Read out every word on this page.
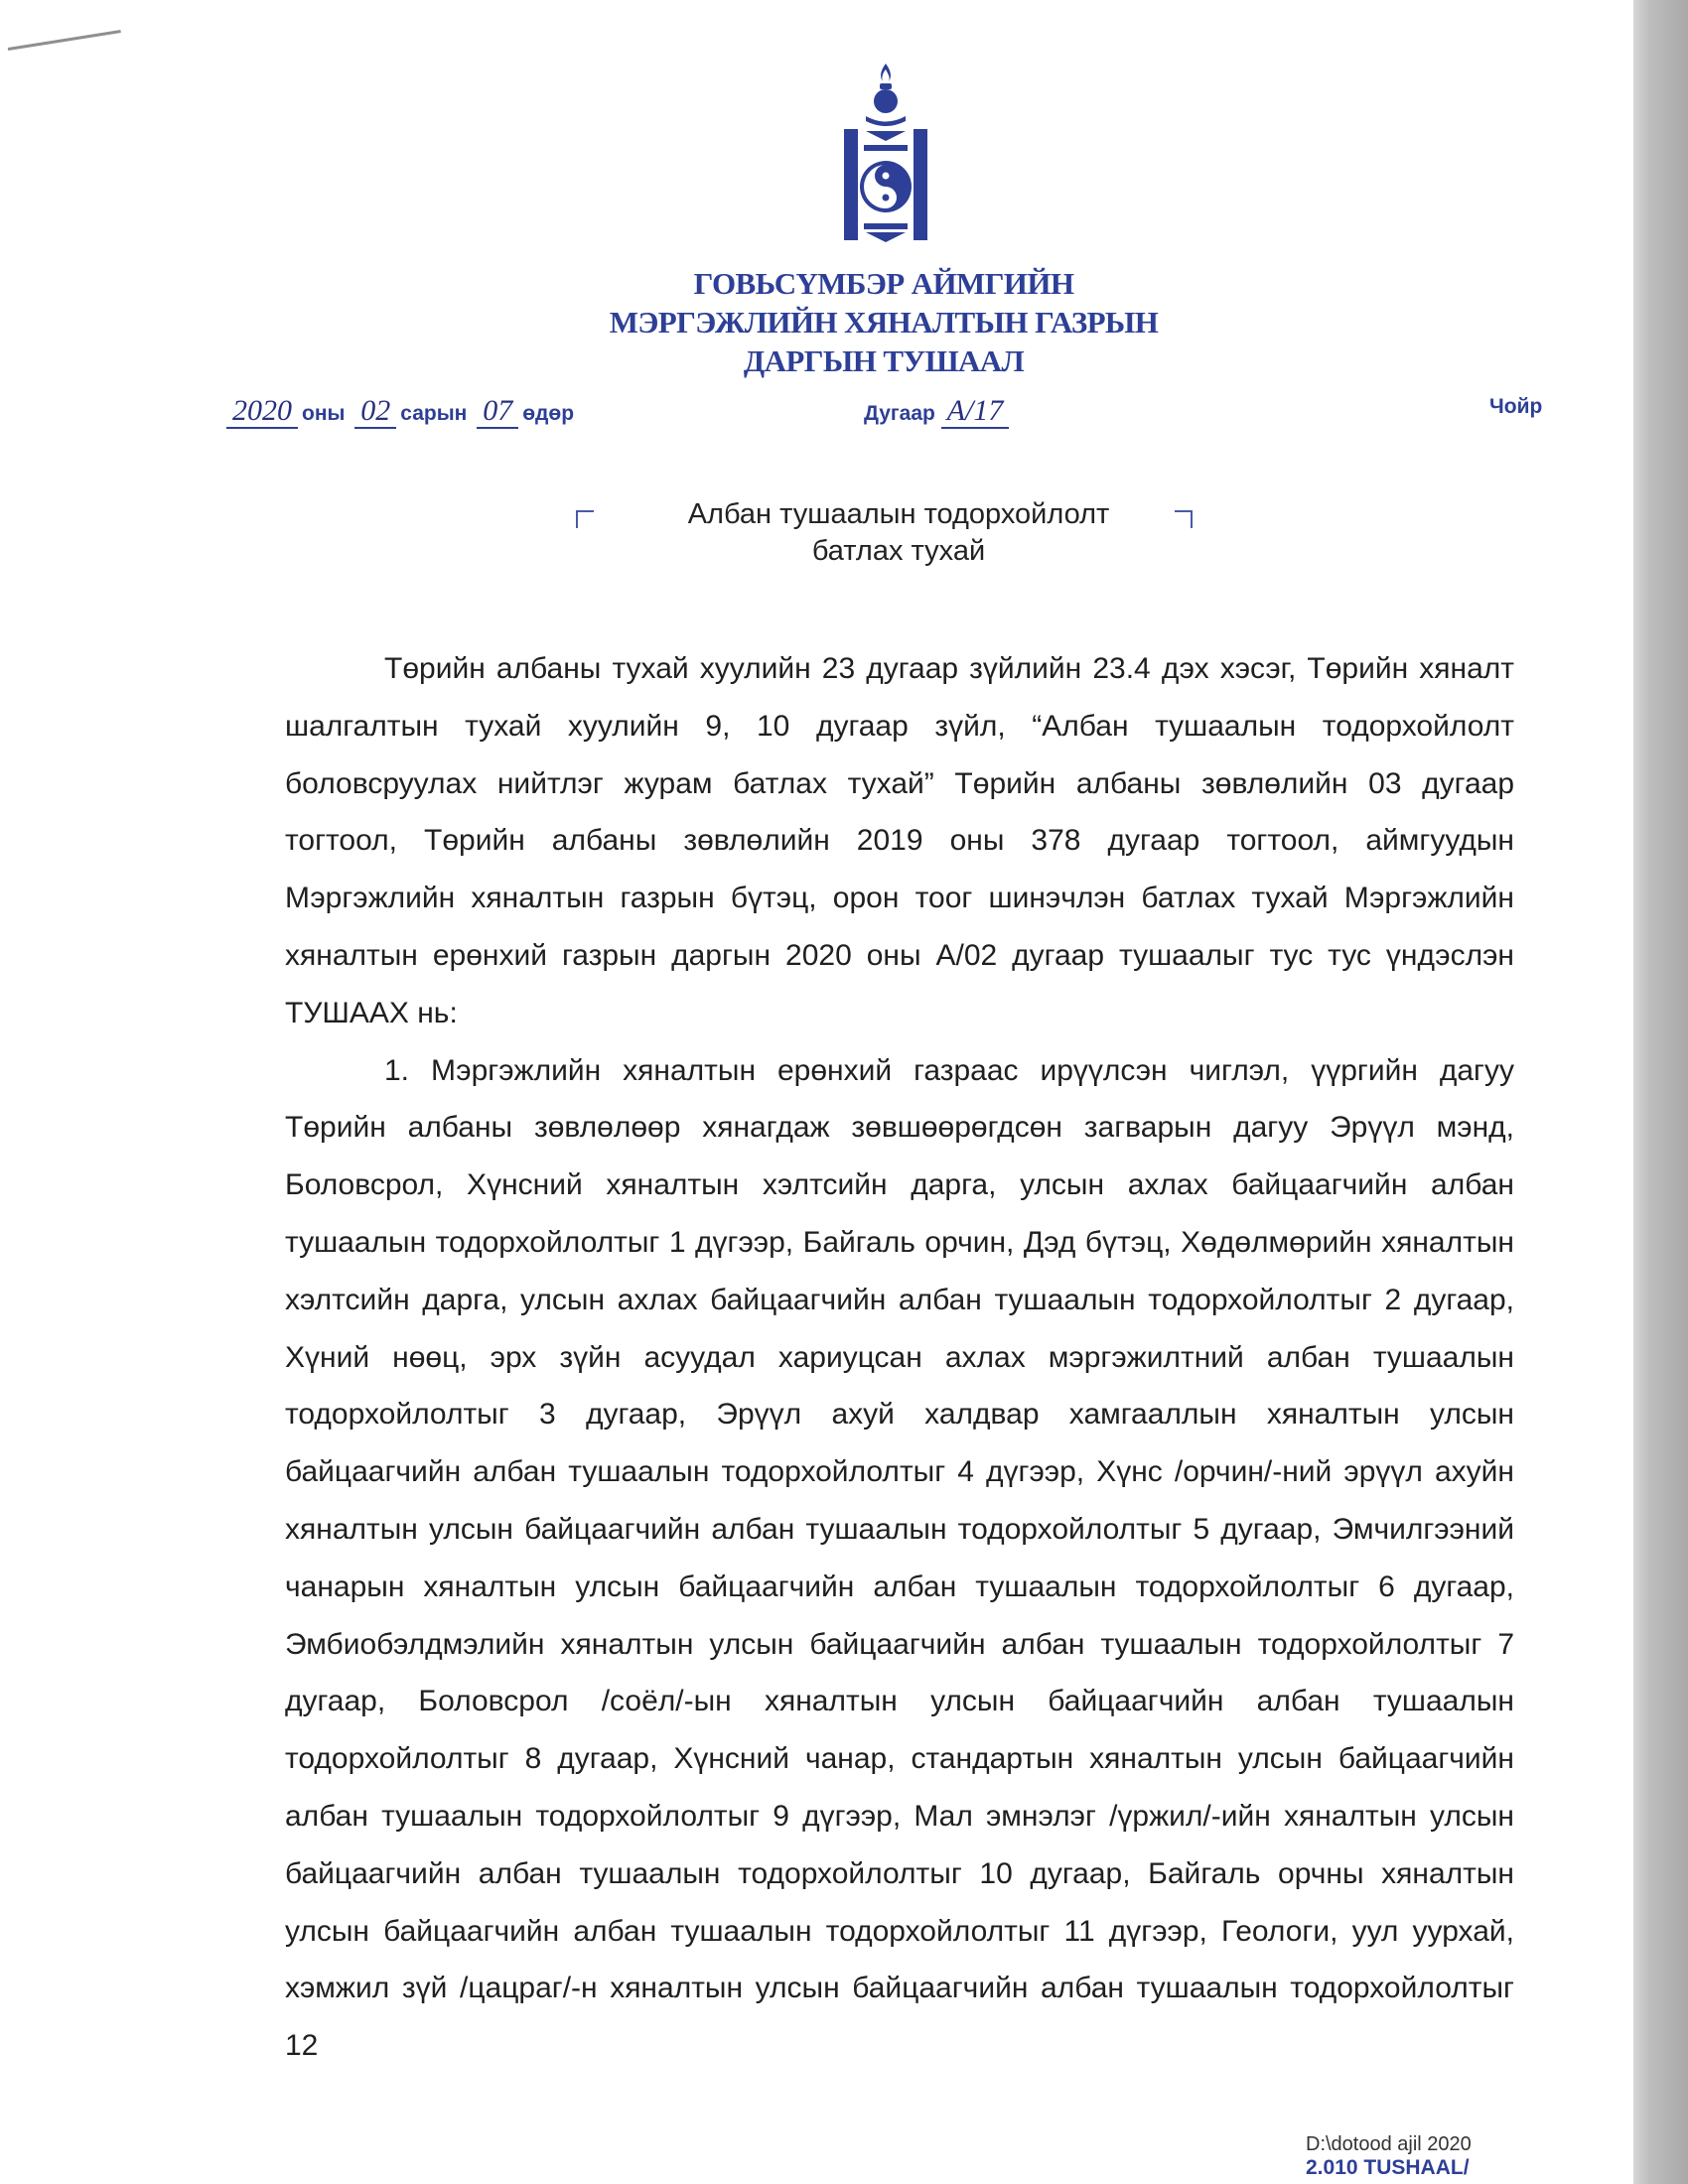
ГОВЬСҮМБЭР АЙМГИЙН
МЭРГЭЖЛИЙН ХЯНАЛТЫН ГАЗРЫН
ДАРГЫН ТУШААЛ
2020 оны 02 сарын 07 өдөр	Дугаар А/17	Чойр
Албан тушаалын тодорхойлолт
батлах тухай

Төрийн албаны тухай хуулийн 23 дугаар зүйлийн 23.4 дэх хэсэг, Төрийн хяналт шалгалтын тухай хуулийн 9, 10 дугаар зүйл, “Албан тушаалын тодорхойлолт боловсруулах нийтлэг журам батлах тухай” Төрийн албаны зөвлөлийн 03 дугаар тогтоол, Төрийн албаны зөвлөлийн 2019 оны 378 дугаар тогтоол, аймгуудын Мэргэжлийн хяналтын газрын бүтэц, орон тоог шинэчлэн батлах тухай Мэргэжлийн хяналтын ерөнхий газрын даргын 2020 оны А/02 дугаар тушаалыг тус тус үндэслэн ТУШААХ нь:

1. Мэргэжлийн хяналтын ерөнхий газраас ирүүлсэн чиглэл, үүргийн дагуу Төрийн албаны зөвлөлөөр хянагдаж зөвшөөрөгдсөн загварын дагуу Эрүүл мэнд, Боловсрол, Хүнсний хяналтын хэлтсийн дарга, улсын ахлах байцаагчийн албан тушаалын тодорхойлолтыг 1 дүгээр, Байгаль орчин, Дэд бүтэц, Хөдөлмөрийн хяналтын хэлтсийн дарга, улсын ахлах байцаагчийн албан тушаалын тодорхойлолтыг 2 дугаар, Хүний нөөц, эрх зүйн асуудал хариуцсан ахлах мэргэжилтний албан тушаалын тодорхойлолтыг 3 дугаар, Эрүүл ахуй халдвар хамгааллын хяналтын улсын байцаагчийн албан тушаалын тодорхойлолтыг 4 дүгээр, Хүнс /орчин/-ний эрүүл ахуйн хяналтын улсын байцаагчийн албан тушаалын тодорхойлолтыг 5 дугаар, Эмчилгээний чанарын хяналтын улсын байцаагчийн албан тушаалын тодорхойлолтыг 6 дугаар, Эмбиобэлдмэлийн хяналтын улсын байцаагчийн албан тушаалын тодорхойлолтыг 7 дугаар, Боловсрол /соёл/-ын хяналтын улсын байцаагчийн албан тушаалын тодорхойлолтыг 8 дугаар, Хүнсний чанар, стандартын хяналтын улсын байцаагчийн албан тушаалын тодорхойлолтыг 9 дүгээр, Мал эмнэлэг /үржил/-ийн хяналтын улсын байцаагчийн албан тушаалын тодорхойлолтыг 10 дугаар, Байгаль орчны хяналтын улсын байцаагчийн албан тушаалын тодорхойлолтыг 11 дүгээр, Геологи, уул уурхай, хэмжил зүй /цацраг/-н хяналтын улсын байцаагчийн албан тушаалын тодорхойлолтыг 12

D:\dotood ajil 2020
2.010 TUSHAAL/
